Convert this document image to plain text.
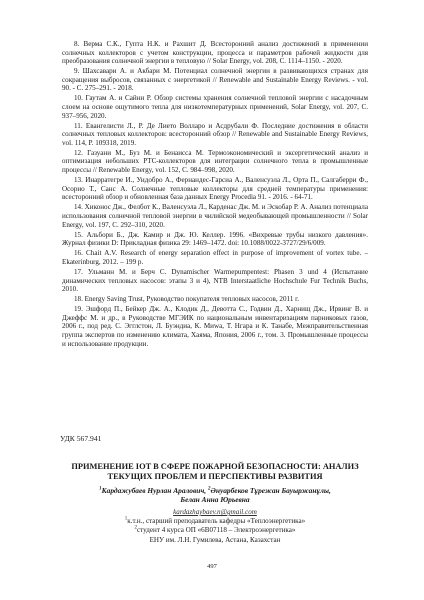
8. Верма С.К., Гупта Н.К. и Рахшит Д. Всесторонний анализ достижений в применении солнечных коллекторов с учетом конструкции, процесса и параметров рабочей жидкости для преобразования солнечной энергии в тепловую // Solar Energy, vol. 208, С. 1114–1150. - 2020.

9. Шахсавари А. и Акбари М. Потенциал солнечной энергии в развивающихся странах для сокращения выбросов, связанных с энергетикой // Renewable and Sustainable Energy Reviews. - vol. 90. - С. 275–291. - 2018.

10. Гаутам А. и Сайни Р. Обзор системы хранения солнечной тепловой энергии с насадочным слоем на основе ощутимого тепла для низкотемпературных применений, Solar Energy, vol. 207, С. 937–956, 2020.

11. Евангелисти Л., Р. Де Лието Волларо и Асдрубали Ф. Последние достижения в области солнечных тепловых коллекторов: всесторонний обзор // Renewable and Sustainable Energy Reviews, vol. 114, P. 109318, 2019.

12. Газуани М., Буз М. и Бенаисса М. Термоэкономический и эксергетический анализ и оптимизация небольших PTC-коллекторов для интеграции солнечного тепла в промышленные процессы // Renewable Energy, vol. 152, С. 984–998, 2020.

13. Инарратегрe И., Уидобро А., Фернандес-Гарсиа А., Валенсуэла Л., Орта П., Салгаберри Ф., Осорио Т., Санс А. Солнечные тепловые коллекторы для средней температуры применения: всесторонний обзор и обновленная база данных Energy Procedia 91. - 2016. - 64-71.

14. Хиконос Дж., Фелбот К., Валенсуэла Л., Карденас Дж. М. и Эскобар Р. А. Анализ потенциала использования солнечной тепловой энергии в чилийской медеобывающей промышленности // Solar Energy, vol. 197, С. 292–310, 2020.

15. Альбори Б., Дж. Камир и Дж. Ю. Келлер. 1996. «Вихревые трубы низкого давления». Журнал физики D: Прикладная физика 29: 1469–1472. doi: 10.1088/0022-3727/29/6/009.

16. Chait A.V. Research of energy separation effect in purpose of improvement of vortex tube. – Ekaterinburg, 2012. – 199 p.

17. Ульманн М. и Берч С. Dynamischer Warmepumpentest: Phasen 3 und 4 (Испытание динамических тепловых насосов: этапы 3 и 4), NTB Interstaatliche Hochschule Fur Technik Buchs, 2010.

18. Energy Saving Trust, Руководство покупателя тепловых насосов, 2011 г.

19. Эшфорд П., Бейкер Дж. А., Клодик Д., Девотта С., Годвин Д., Харнищ Дж., Ирвинг В. и Джеффс М. и др., в Руководстве МГЭИК по национальным инвентаризациям парниковых газов, 2006 г., под ред. С. Эгглстон, Л. Буэндиа, К. Миwa, Т. Нгара и К. Танабе, Межправительственная группа экспертов по изменению климата, Хаяма, Япония, 2006 г., том. 3. Промышленные процессы и использование продукции.

УДК 567.941
ПРИМЕНЕНИЕ IOT В СФЕРЕ ПОЖАРНОЙ БЕЗОПАСНОСТИ: АНАЛИЗ ТЕКУЩИХ ПРОБЛЕМ И ПЕРСПЕКТИВЫ РАЗВИТИЯ
$^1$Кардажубаев Нурлан Аралович, $^2$Әнуарбеков Тұрежан Бауыржанұлы,
Белан Анна Юрьевна
kardazhaybaev.n@gmail.com
$^1$к.т.н., старший преподаватель кафедры «Теплоэнергетика»
$^2$студент 4 курса ОП «6В07118 – Электроэнергетика»
ЕНУ им. Л.Н. Гумилева, Астана, Казахстан
497
